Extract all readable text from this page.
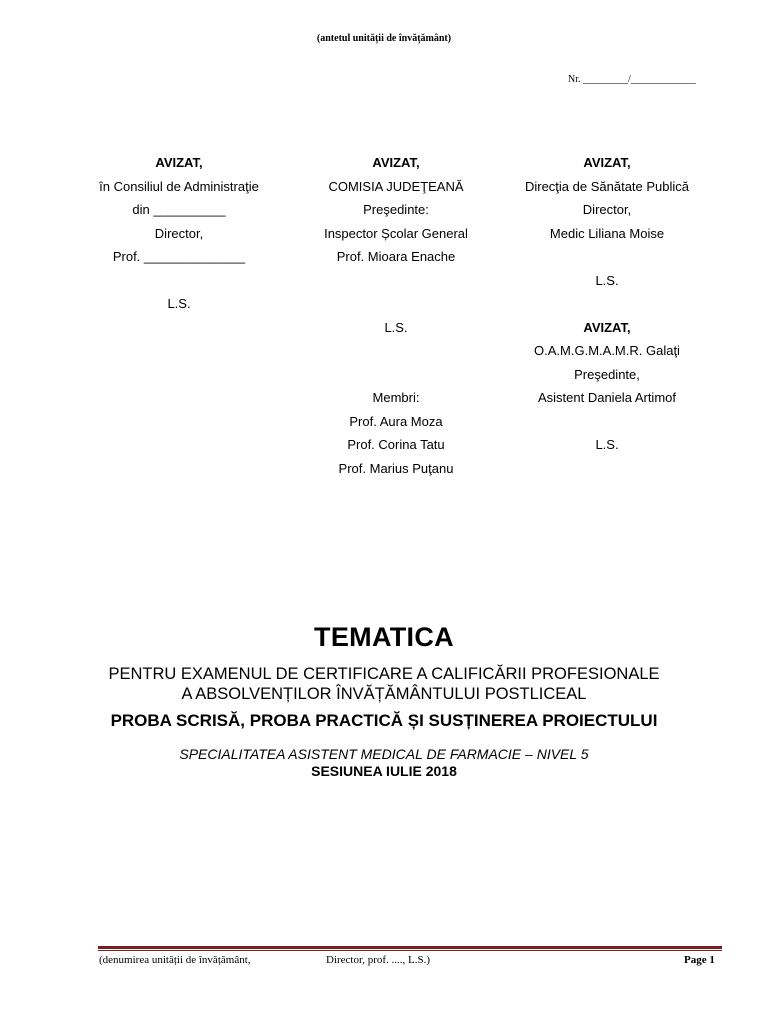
(antetul unității de învățământ)
Nr. _________/_____________
AVIZAT,
în Consiliul de Administraţie
din __________
Director,
Prof. ______________
L.S.
AVIZAT,
COMISIA JUDEŢEANĂ
Preşedinte:
Inspector Școlar General
Prof. Mioara Enache
L.S.
Membri:
Prof. Aura Moza
Prof. Corina Tatu
Prof. Marius Puţanu
AVIZAT,
Direcţia de Sănătate Publică
Director,
Medic Liliana Moise
L.S.
AVIZAT,
O.A.M.G.M.A.M.R. Galaţi
Preşedinte,
Asistent Daniela Artimof
L.S.
TEMATICA
PENTRU EXAMENUL DE CERTIFICARE A CALIFICĂRII PROFESIONALE
A ABSOLVENȚILOR ÎNVĂȚĂMÂNTULUI POSTLICEAL
PROBA SCRISĂ, PROBA PRACTICĂ ȘI SUSȚINEREA PROIECTULUI
SPECIALITATEA ASISTENT MEDICAL DE FARMACIE – NIVEL 5
SESIUNEA IULIE 2018
(denumirea unității de învățământ,	Director, prof. ...., L.S.)	Page 1
